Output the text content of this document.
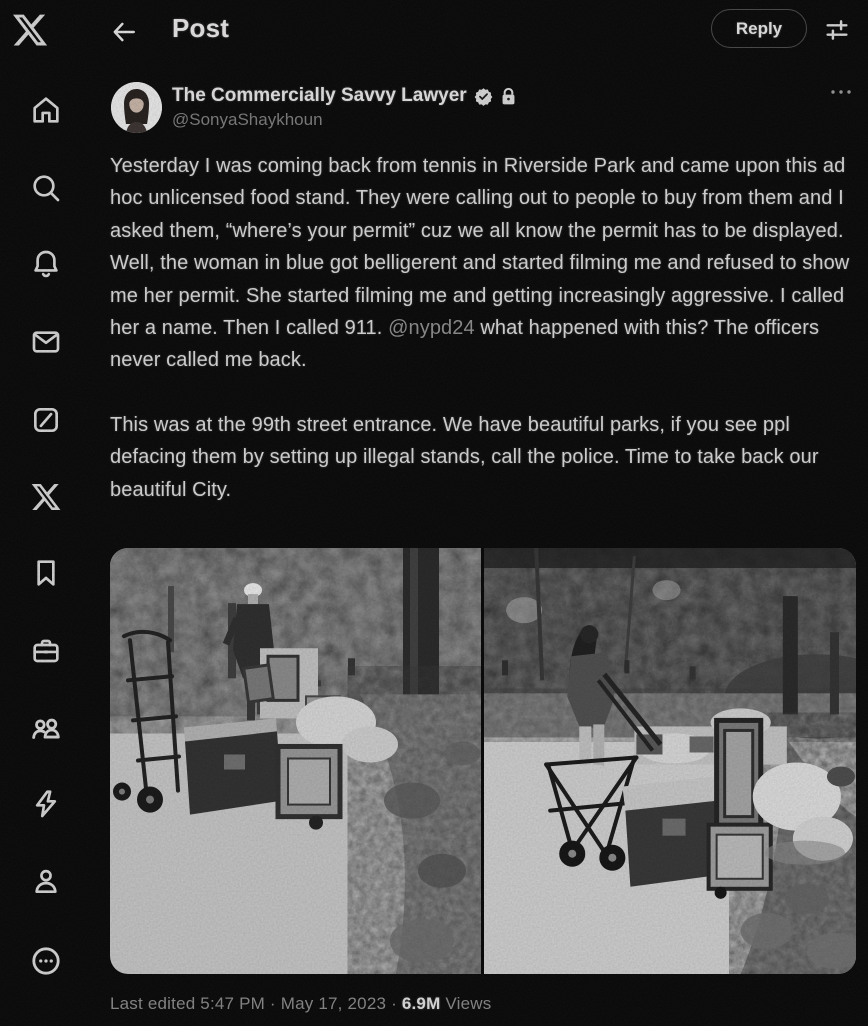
Post	Reply
The Commercially Savvy Lawyer
@SonyaShaykhoun

Yesterday I was coming back from tennis in Riverside Park and came upon this ad hoc unlicensed food stand. They were calling out to people to buy from them and I asked them, “where’s your permit” cuz we all know the permit has to be displayed. Well, the woman in blue got belligerent and started filming me and refused to show me her permit. She started filming me and getting increasingly aggressive. I called her a name. Then I called 911. @nypd24 what happened with this? The officers never called me back.

This was at the 99th street entrance. We have beautiful parks, if you see ppl defacing them by setting up illegal stands, call the police. Time to take back our beautiful City.

Last edited 5:47 PM · May 17, 2023 · 6.9M Views
